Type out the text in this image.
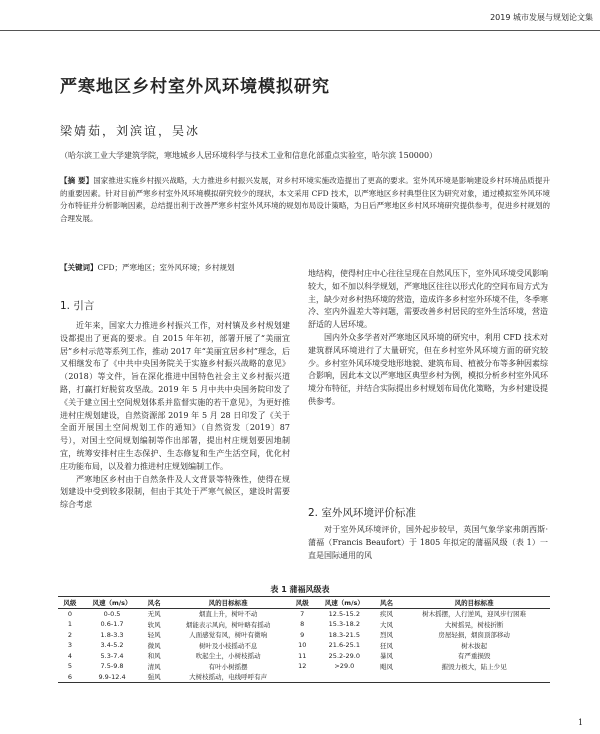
2019 城市发展与规划论文集
严寒地区乡村室外风环境模拟研究
梁婧茹，刘滨谊，吴冰
（哈尔滨工业大学建筑学院，寒地城乡人居环境科学与技术工业和信息化部重点实验室，哈尔滨 150000）
【摘 要】国家推进实施乡村振兴战略，大力推进乡村振兴发展，对乡村环境实施改造提出了更高的要求。室外风环境是影响建设乡村环境品质提升的重要因素。针对目前严寒乡村室外风环境模拟研究较少的现状，本文采用 CFD 技术，以严寒地区乡村典型住区为研究对象，通过模拟室外风环境分布特征并分析影响因素，总结提出利于改善严寒乡村室外风环境的规划布局设计策略，为日后严寒地区乡村风环境研究提供参考，促进乡村规划的合理发展。
【关键词】CFD；严寒地区；室外风环境；乡村规划
1. 引言

近年来，国家大力推进乡村振兴工作，对村镇及乡村规划建设都提出了更高的要求。自 2015 年年初，部署开展了“美丽宜居”乡村示范等系列工作，推动 2017 年“美丽宜居乡村”理念，后又相继发布了《中共中央国务院关于实施乡村振兴战略的意见》（2018）等文件，旨在深化推进中国特色社会主义乡村振兴道路，打赢打好脱贫攻坚战。2019 年 5 月中共中央国务院印发了《关于建立国土空间规划体系并监督实施的若干意见》，为更好推进村庄规划建设，自然资源部 2019 年 5 月 28 日印发了《关于全面开展国土空间规划工作的通知》（自然资发〔2019〕87 号），对国土空间规划编制等作出部署，提出村庄规划要因地制宜，统筹安排村庄生态保护、生态修复和生产生活空间，优化村庄功能布局，以及着力推进村庄规划编制工作。

严寒地区乡村由于自然条件及人文背景等特殊性，使得在规划建设中受到较多限制，但由于其处于严寒气候区，建设时需要综合考虑

地结构，使得村庄中心往往呈现在自然风压下，室外风环境受风影响较大，如不加以科学规划，严寒地区往往以形式化的空间布局方式为主，缺少对乡村热环境的营造，造成许多乡村室外环境不佳，冬季寒冷、室内外温差大等问题，需要改善乡村居民的室外生活环境，营造舒适的人居环境。

国内外众多学者对严寒地区风环境的研究中，利用 CFD 技术对建筑群风环境进行了大量研究，但在乡村室外风环境方面的研究较少。乡村室外风环境受地形地貌、建筑布局、植被分布等多种因素综合影响，因此本文以严寒地区典型乡村为例，模拟分析乡村室外风环境分布特征，并结合实际提出乡村规划布局优化策略，为乡村建设提供参考。

2. 室外风环境评价标准

对于室外风环境评价，国外起步较早，英国气象学家弗朗西斯·蒲福（Francis Beaufort）于 1805 年拟定的蒲福风级（表 1）一直是国际通用的风

表 1 蒲福风级表
风级	风速（m/s）	风名	风的目标标准	风级	风速（m/s）	风名	风的目标标准
0	0-0.5	无风	烟直上升，树叶不动	7	12.5-15.2	疾风	树木摇摆，人行逆风，迎风步行困难
1	0.6-1.7	软风	烟能表示风向，树叶略有摇动	8	15.3-18.2	大风	大树摇晃，树枝折断
2	1.8-3.3	轻风	人面感觉有风，树叶有微响	9	18.3-21.5	烈风	房屋轻损，烟囱顶部移动
3	3.4-5.2	微风	树叶及小枝摇动不息	10	21.6-25.1	狂风	树木拔起
4	5.3-7.4	和风	吹起尘土，小树枝摇动	11	25.2-29.0	暴风	有严重损毁
5	7.5-9.8	清风	有叶小树摇摆	12	>29.0	飓风	摧毁力极大，陆上少见
6	9.9-12.4	强风	大树枝摇动，电线呼呼有声				
1
